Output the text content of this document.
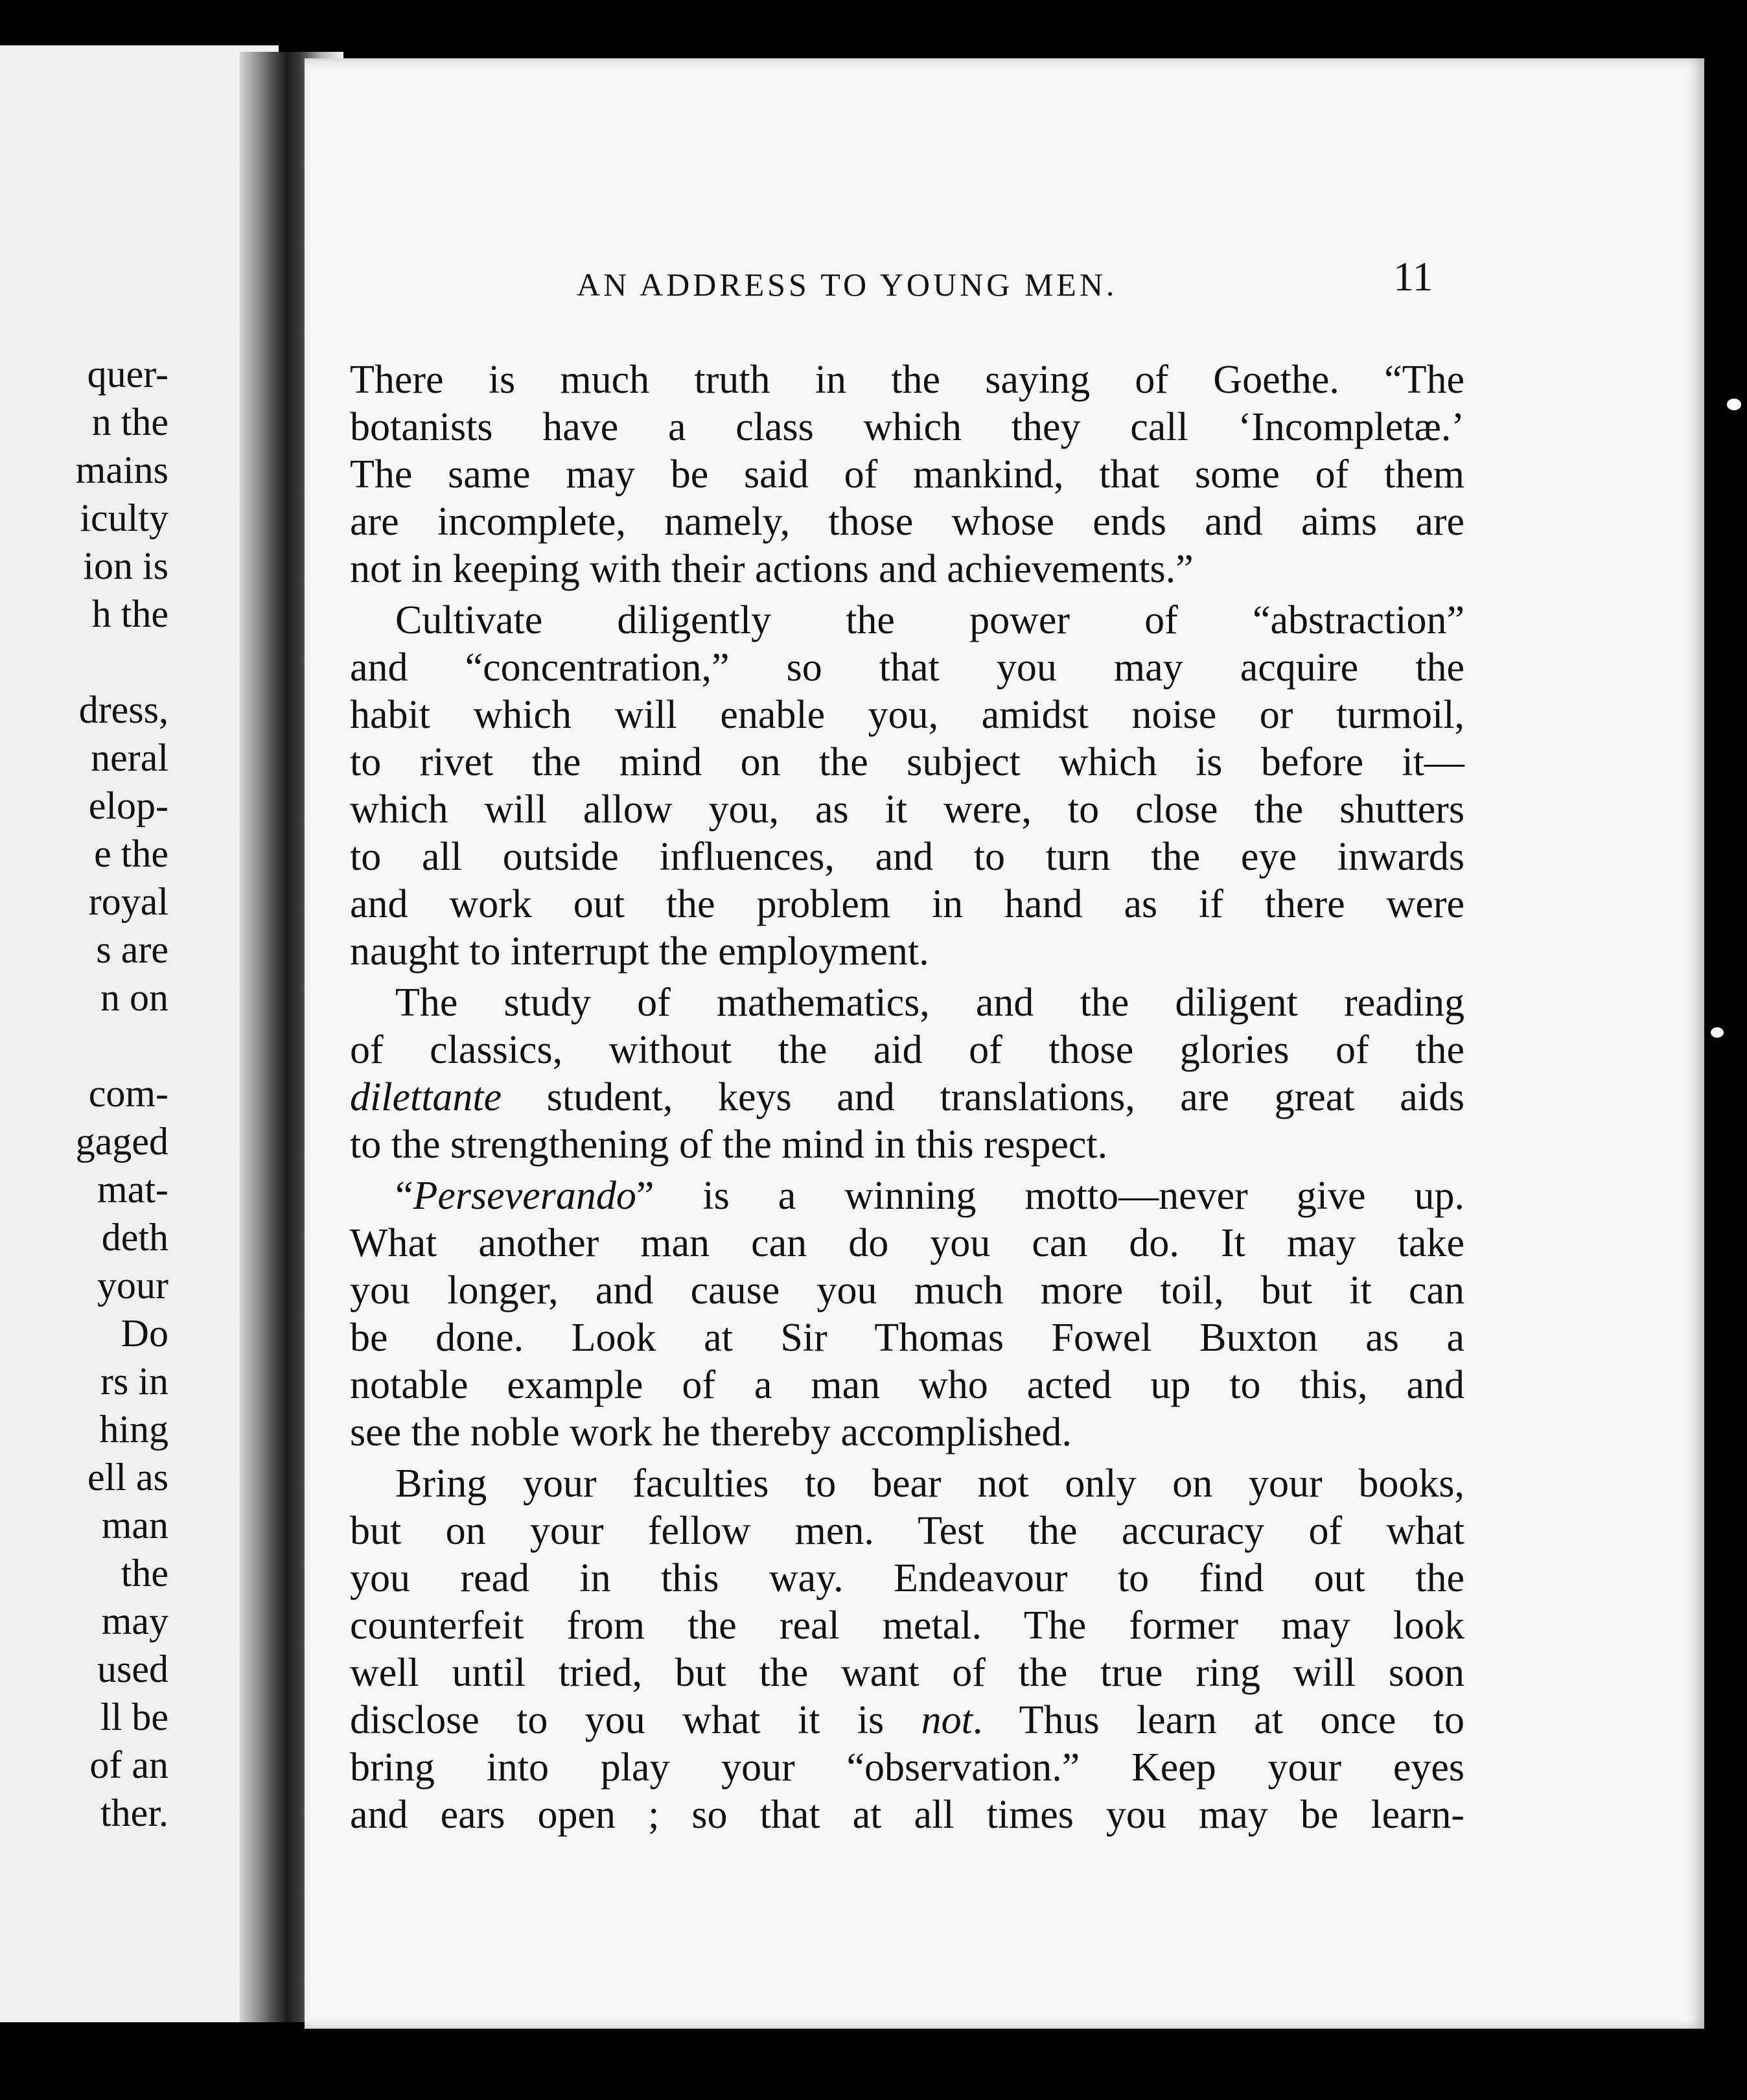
quer-
n the
mains
iculty
ion is
h the
dress,
neral
elop-
e the
royal
s are
n on
com-
gaged
mat-
deth
your
Do
rs in
hing
ell as
man
the
may
used
ll be
of an
ther.
AN ADDRESS TO YOUNG MEN.	11
There is much truth in the saying of Goethe. “The
botanists have a class which they call ‘Incompletæ.’
The same may be said of mankind, that some of them
are incomplete, namely, those whose ends and aims are
not in keeping with their actions and achievements.”
Cultivate diligently the power of “abstraction”
and “concentration,” so that you may acquire the
habit which will enable you, amidst noise or turmoil,
to rivet the mind on the subject which is before it—
which will allow you, as it were, to close the shutters
to all outside influences, and to turn the eye inwards
and work out the problem in hand as if there were
naught to interrupt the employment.
The study of mathematics, and the diligent reading
of classics, without the aid of those glories of the
dilettante student, keys and translations, are great aids
to the strengthening of the mind in this respect.
“Perseverando” is a winning motto—never give up.
What another man can do you can do. It may take
you longer, and cause you much more toil, but it can
be done. Look at Sir Thomas Fowel Buxton as a
notable example of a man who acted up to this, and
see the noble work he thereby accomplished.
Bring your faculties to bear not only on your books,
but on your fellow men. Test the accuracy of what
you read in this way. Endeavour to find out the
counterfeit from the real metal. The former may look
well until tried, but the want of the true ring will soon
disclose to you what it is not. Thus learn at once to
bring into play your “observation.” Keep your eyes
and ears open ; so that at all times you may be learn-
